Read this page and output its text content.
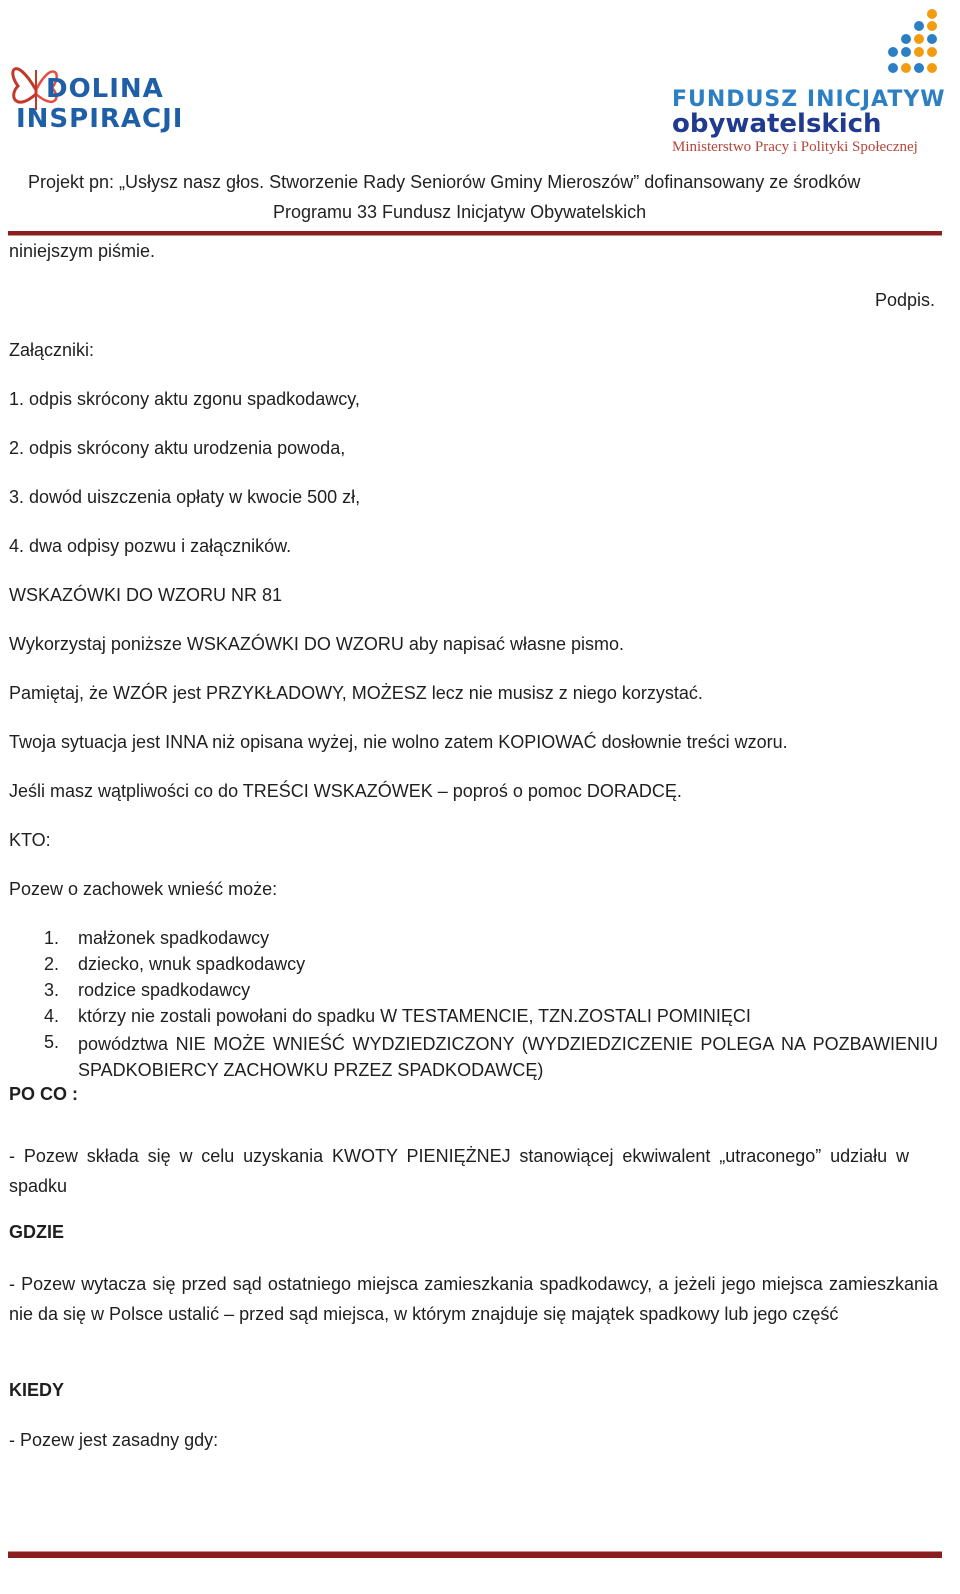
DOLINA
INSPIRACJI
FUNDUSZ INICJATYW
obywatelskich
Ministerstwo Pracy i Polityki Społecznej
Projekt pn: „Usłysz nasz głos. Stworzenie Rady Seniorów Gminy Mieroszów” dofinansowany ze środków
Programu 33 Fundusz Inicjatyw Obywatelskich
niniejszym piśmie.
Podpis.
Załączniki:
1. odpis skrócony aktu zgonu spadkodawcy,
2. odpis skrócony aktu urodzenia powoda,
3. dowód uiszczenia opłaty w kwocie 500 zł,
4. dwa odpisy pozwu i załączników.
WSKAZÓWKI DO WZORU NR 81
Wykorzystaj poniższe WSKAZÓWKI DO WZORU aby napisać własne pismo.
Pamiętaj, że WZÓR jest PRZYKŁADOWY, MOŻESZ lecz nie musisz z niego korzystać.
Twoja sytuacja jest INNA niż opisana wyżej, nie wolno zatem KOPIOWAĆ dosłownie treści wzoru.
Jeśli masz wątpliwości co do TREŚCI WSKAZÓWEK – poproś o pomoc DORADCĘ.
KTO:
Pozew o zachowek wnieść może:
1. małżonek spadkodawcy
2. dziecko, wnuk spadkodawcy
3. rodzice spadkodawcy
4. którzy nie zostali powołani do spadku W TESTAMENCIE, TZN.ZOSTALI POMINIĘCI
5.	powództwa NIE MOŻE WNIEŚĆ WYDZIEDZICZONY (WYDZIEDZICZENIE POLEGA NA POZBAWIENIU SPADKOBIERCY ZACHOWKU PRZEZ SPADKODAWCĘ)
PO CO :
- Pozew składa się w celu uzyskania KWOTY PIENIĘŻNEJ stanowiącej ekwiwalent „utraconego” udziału w spadku
GDZIE
- Pozew wytacza się przed sąd ostatniego miejsca zamieszkania spadkodawcy, a jeżeli jego miejsca zamieszkania nie da się w Polsce ustalić – przed sąd miejsca, w którym znajduje się majątek spadkowy lub jego część
KIEDY
- Pozew jest zasadny gdy:
